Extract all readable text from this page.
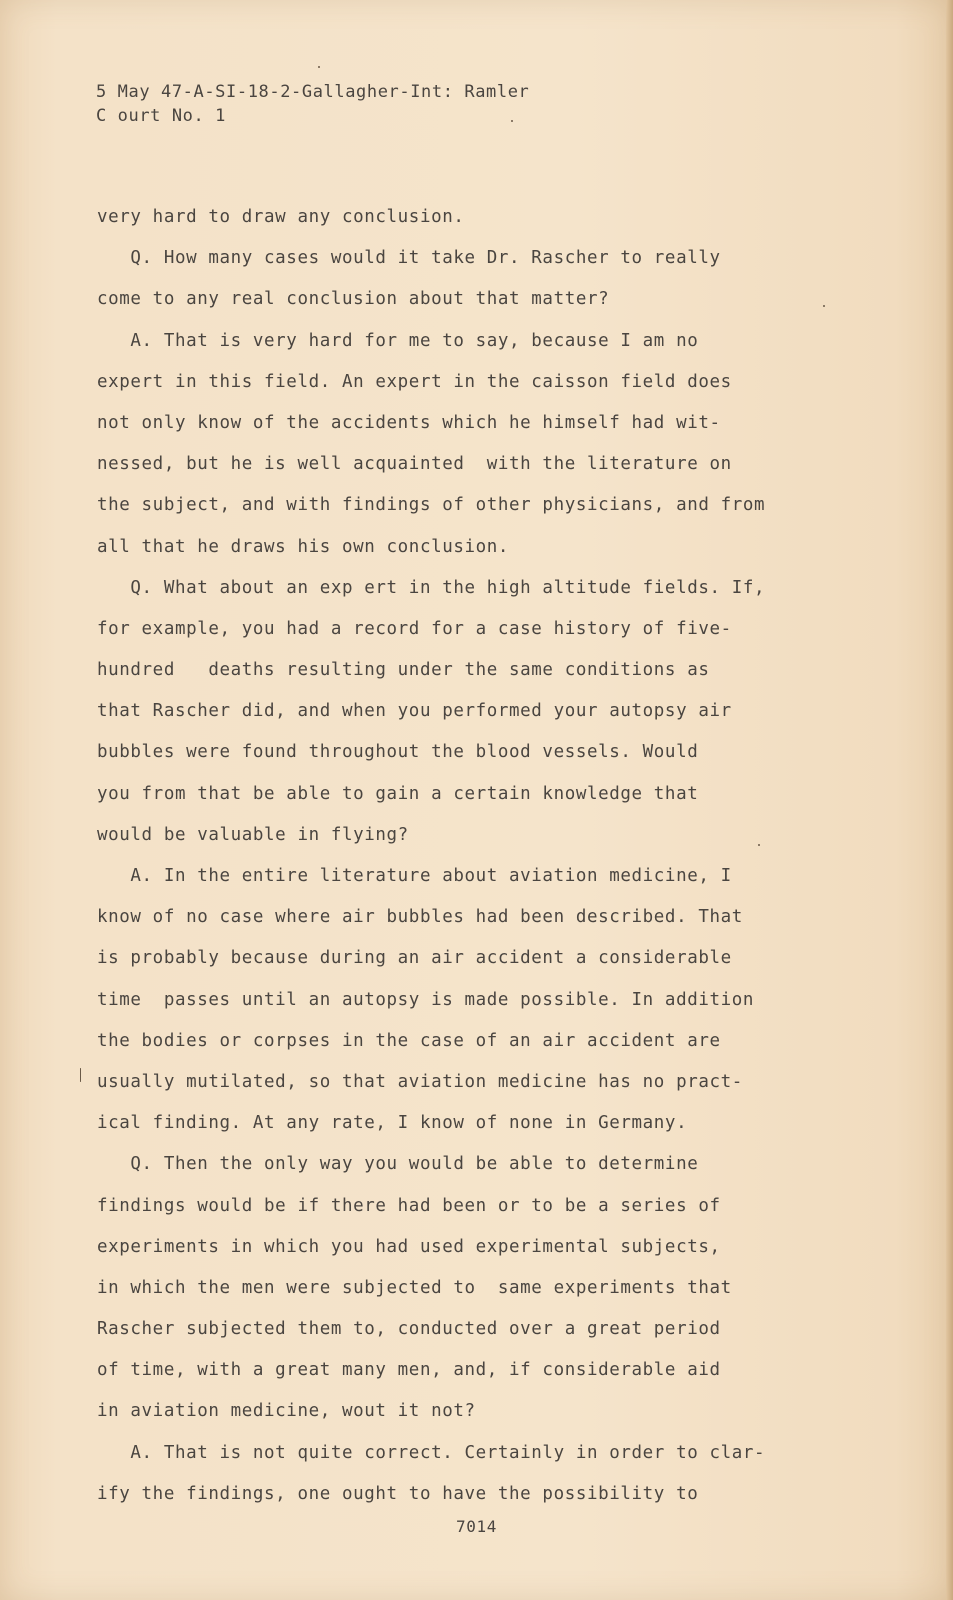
5 May 47-A-SI-18-2-Gallagher-Int: Ramler
C ourt No. 1
very hard to draw any conclusion.
Q. How many cases would it take Dr. Rascher to really
come to any real conclusion about that matter?
A. That is very hard for me to say, because I am no
expert in this field. An expert in the caisson field does
not only know of the accidents which he himself had wit-
nessed, but he is well acquainted  with the literature on
the subject, and with findings of other physicians, and from
all that he draws his own conclusion.
Q. What about an exp ert in the high altitude fields. If,
for example, you had a record for a case history of five-
hundred   deaths resulting under the same conditions as
that Rascher did, and when you performed your autopsy air
bubbles were found throughout the blood vessels. Would
you from that be able to gain a certain knowledge that
would be valuable in flying?
A. In the entire literature about aviation medicine, I
know of no case where air bubbles had been described. That
is probably because during an air accident a considerable
time  passes until an autopsy is made possible. In addition
the bodies or corpses in the case of an air accident are
usually mutilated, so that aviation medicine has no pract-
ical finding. At any rate, I know of none in Germany.
Q. Then the only way you would be able to determine
findings would be if there had been or to be a series of
experiments in which you had used experimental subjects,
in which the men were subjected to  same experiments that
Rascher subjected them to, conducted over a great period
of time, with a great many men, and, if considerable aid
in aviation medicine, wout it not?
A. That is not quite correct. Certainly in order to clar-
ify the findings, one ought to have the possibility to
7014
